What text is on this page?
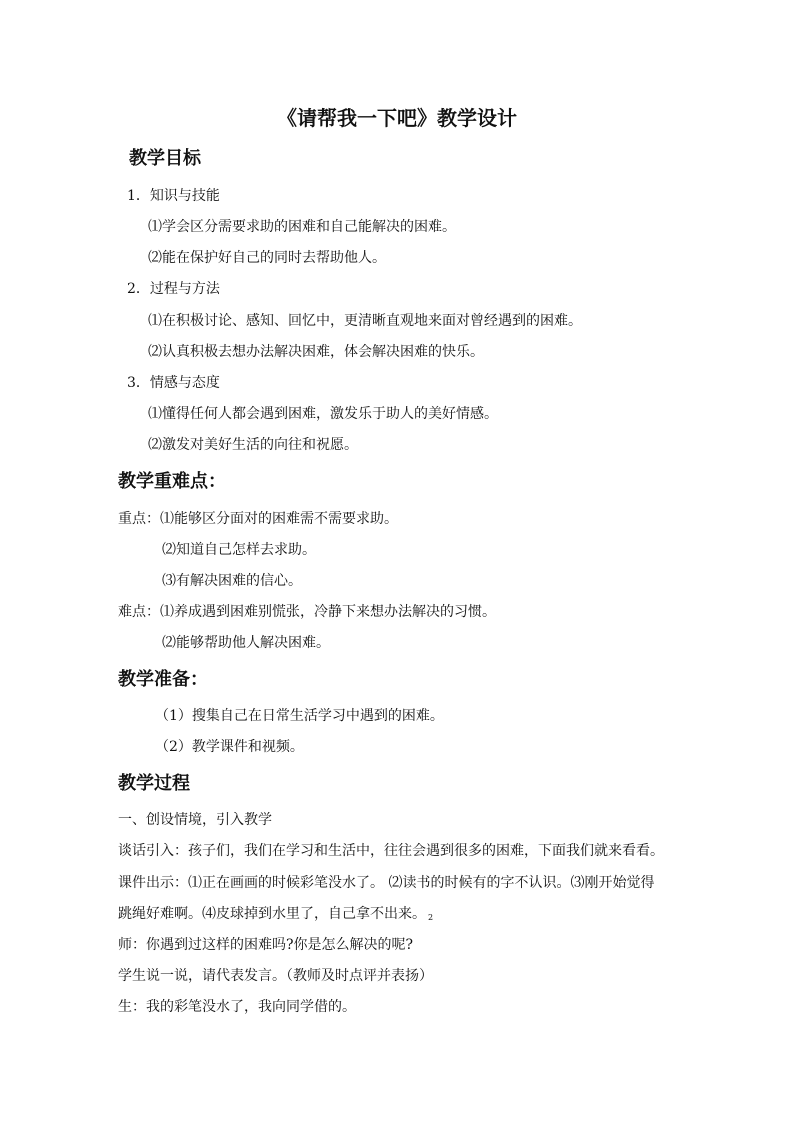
《请帮我一下吧》教学设计
教学目标
1．知识与技能
⑴学会区分需要求助的困难和自己能解决的困难。
⑵能在保护好自己的同时去帮助他人。
2．过程与方法
⑴在积极讨论、感知、回忆中，更清晰直观地来面对曾经遇到的困难。
⑵认真积极去想办法解决困难，体会解决困难的快乐。
3．情感与态度
⑴懂得任何人都会遇到困难，激发乐于助人的美好情感。
⑵激发对美好生活的向往和祝愿。
教学重难点：
重点：⑴能够区分面对的困难需不需要求助。
⑵知道自己怎样去求助。
⑶有解决困难的信心。
难点：⑴养成遇到困难别慌张，冷静下来想办法解决的习惯。
⑵能够帮助他人解决困难。
教学准备：
（1）搜集自己在日常生活学习中遇到的困难。
（2）教学课件和视频。
教学过程
一、创设情境，引入教学
谈话引入：孩子们，我们在学习和生活中，往往会遇到很多的困难，下面我们就来看看。
课件出示：⑴正在画画的时候彩笔没水了。 ⑵读书的时候有的字不认识。⑶刚开始觉得
跳绳好难啊。⑷皮球掉到水里了，自己拿不出来。 2
师：你遇到过这样的困难吗?你是怎么解决的呢?
学生说一说，请代表发言。（教师及时点评并表扬）
生：我的彩笔没水了，我向同学借的。
